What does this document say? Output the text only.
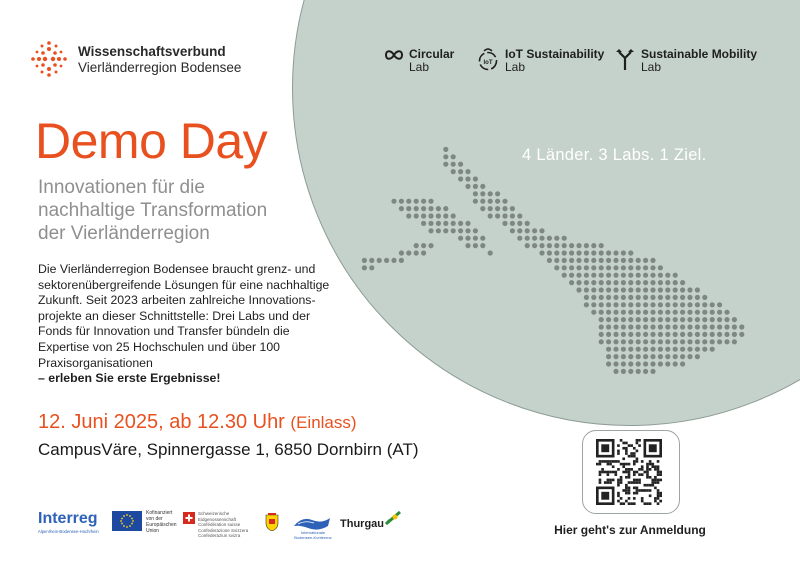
Wissenschaftsverbund
Vierländerregion Bodensee
Circular
Lab	IoT
IoT Sustainability
Lab
Sustainable Mobility
Lab
Demo Day
Innovationen für die
nachhaltige Transformation
der Vierländerregion
Die Vierländerregion Bodensee braucht grenz- und sektorenübergreifende Lösungen für eine nachhaltige Zukunft. Seit 2023 arbeiten zahlreiche Innovations-projekte an dieser Schnittstelle: Drei Labs und der Fonds für Innovation und Transfer bündeln die Expertise von 25 Hochschulen und über 100 Praxisorganisationen
– erleben Sie erste Ergebnisse!
12. Juni 2025, ab 12.30 Uhr (Einlass)
CampusVäre, Spinnergasse 1, 6850 Dornbirn (AT)
4 Länder. 3 Labs. 1 Ziel.
Hier geht's zur Anmeldung
Interreg
Alpenrhein-Bodensee-Hochrhein
Kofinanziert
von der
Europäischen
Union
Schweizerische Eidgenossenschaft
Confédération suisse
Confederazione Svizzera
Confederaziun svizra
Internationale Bodensee-Konferenz
Thurgau
